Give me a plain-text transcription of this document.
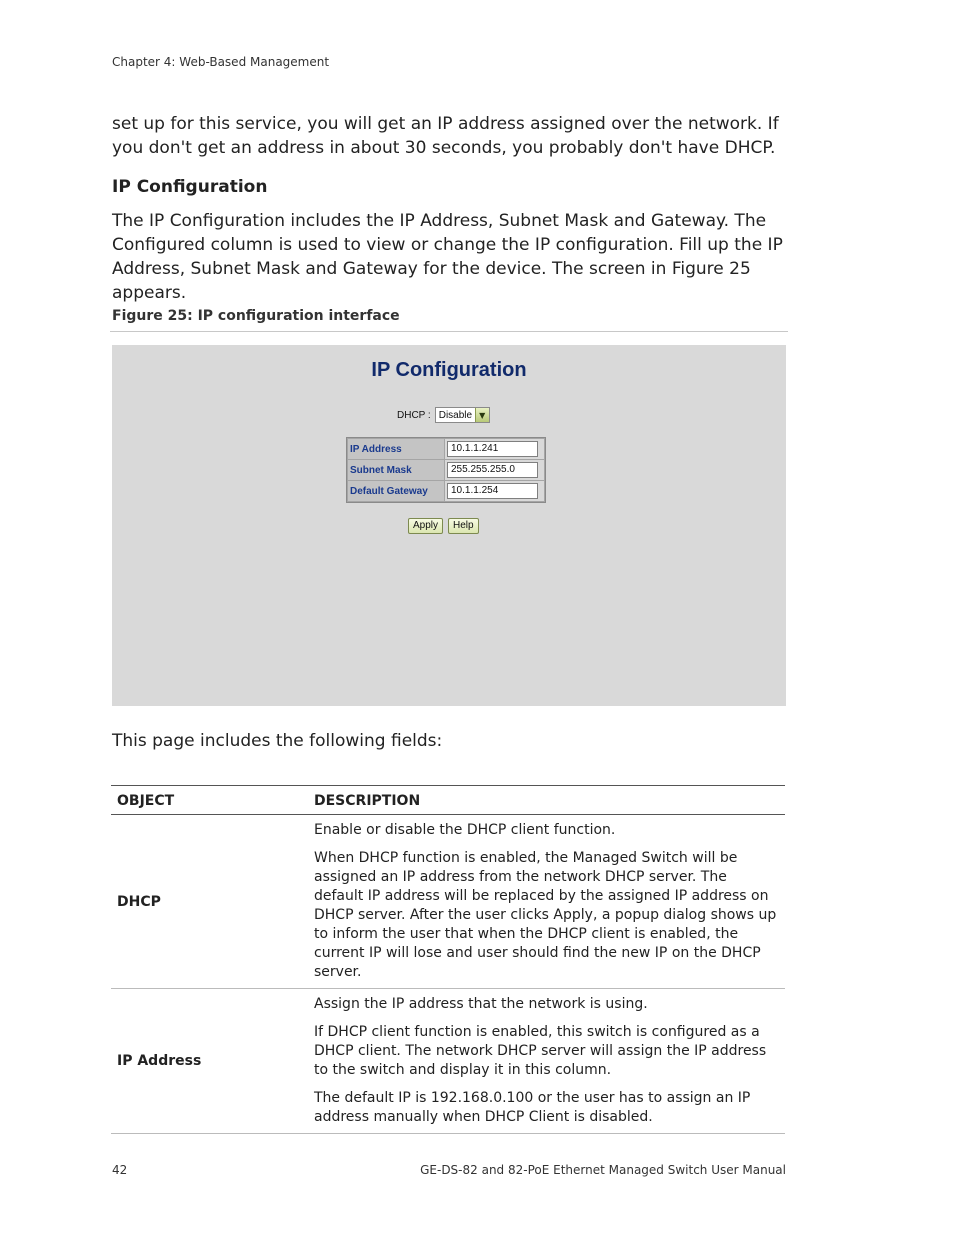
Chapter 4: Web-Based Management
set up for this service, you will get an IP address assigned over the network. If you don't get an address in about 30 seconds, you probably don't have DHCP.
IP Configuration
The IP Configuration includes the IP Address, Subnet Mask and Gateway. The Configured column is used to view or change the IP configuration. Fill up the IP Address, Subnet Mask and Gateway for the device. The screen in Figure 25 appears.
Figure 25: IP configuration interface
IP Configuration
DHCP : Disable ▼
IP Address	10.1.1.241

Subnet Mask	255.255.255.0

Default Gateway	10.1.1.254
Apply	Help
This page includes the following fields:
OBJECT	DESCRIPTION
DHCP	Enable or disable the DHCP client function.

When DHCP function is enabled, the Managed Switch will be assigned an IP address from the network DHCP server. The default IP address will be replaced by the assigned IP address on DHCP server. After the user clicks Apply, a popup dialog shows up to inform the user that when the DHCP client is enabled, the current IP will lose and user should find the new IP on the DHCP server.

IP Address	Assign the IP address that the network is using.

If DHCP client function is enabled, this switch is configured as a DHCP client. The network DHCP server will assign the IP address to the switch and display it in this column.

The default IP is 192.168.0.100 or the user has to assign an IP address manually when DHCP Client is disabled.

42	GE-DS-82 and 82-PoE Ethernet Managed Switch User Manual
